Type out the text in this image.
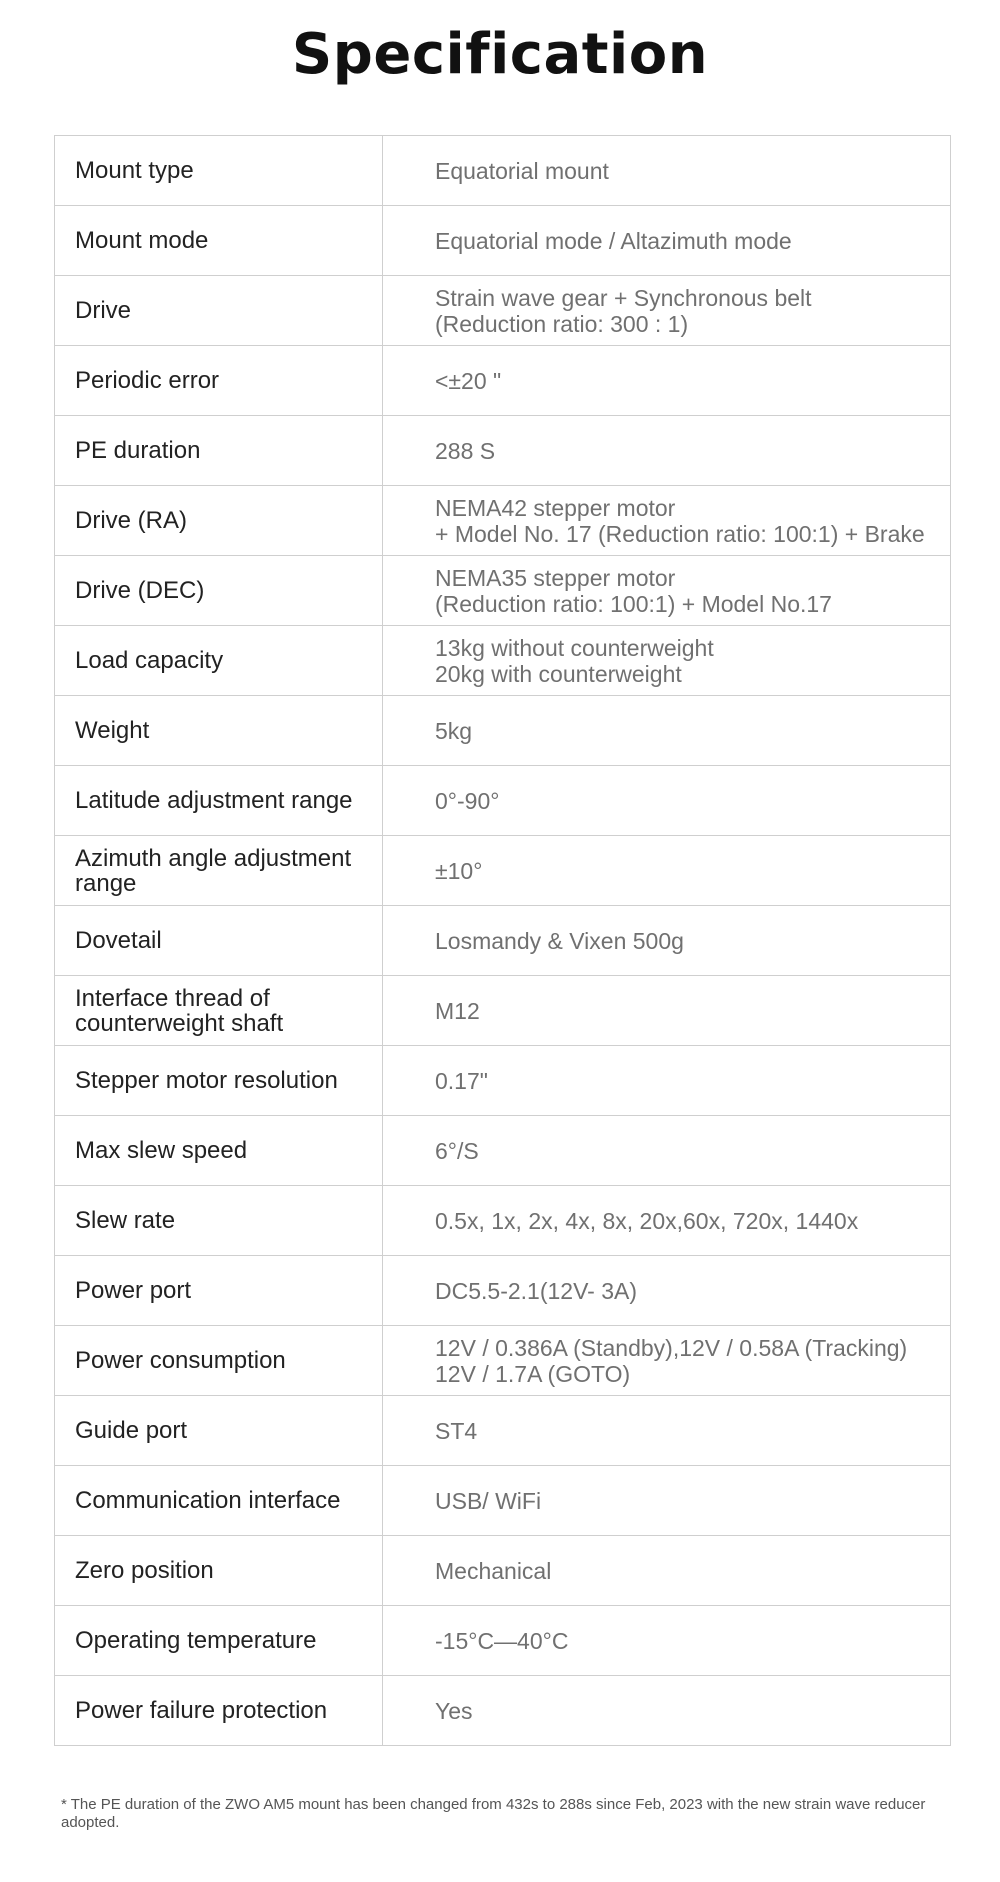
Specification
Mount type	Equatorial mount

Mount mode	Equatorial mode / Altazimuth mode

Drive	Strain wave gear + Synchronous belt
(Reduction ratio: 300 : 1)

Periodic error	<±20 "

PE duration	288 S

Drive (RA)	NEMA42 stepper motor
+ Model No. 17 (Reduction ratio: 100:1) + Brake

Drive (DEC)	NEMA35 stepper motor
(Reduction ratio: 100:1) + Model No.17

Load capacity	13kg without counterweight
20kg with counterweight

Weight	5kg

Latitude adjustment range	0°-90°

Azimuth angle adjustment range	±10°

Dovetail	Losmandy & Vixen 500g

Interface thread of counterweight shaft	M12

Stepper motor resolution	0.17"

Max slew speed	6°/S

Slew rate	0.5x, 1x, 2x, 4x, 8x, 20x,60x, 720x, 1440x

Power port	DC5.5-2.1(12V- 3A)

Power consumption	12V / 0.386A (Standby),12V / 0.58A (Tracking)
12V / 1.7A (GOTO)

Guide port	ST4

Communication interface	USB/ WiFi

Zero position	Mechanical

Operating temperature	-15°C—40°C

Power failure protection	Yes
* The PE duration of the ZWO AM5 mount has been changed from 432s to 288s since Feb, 2023 with the new strain wave reducer adopted.
